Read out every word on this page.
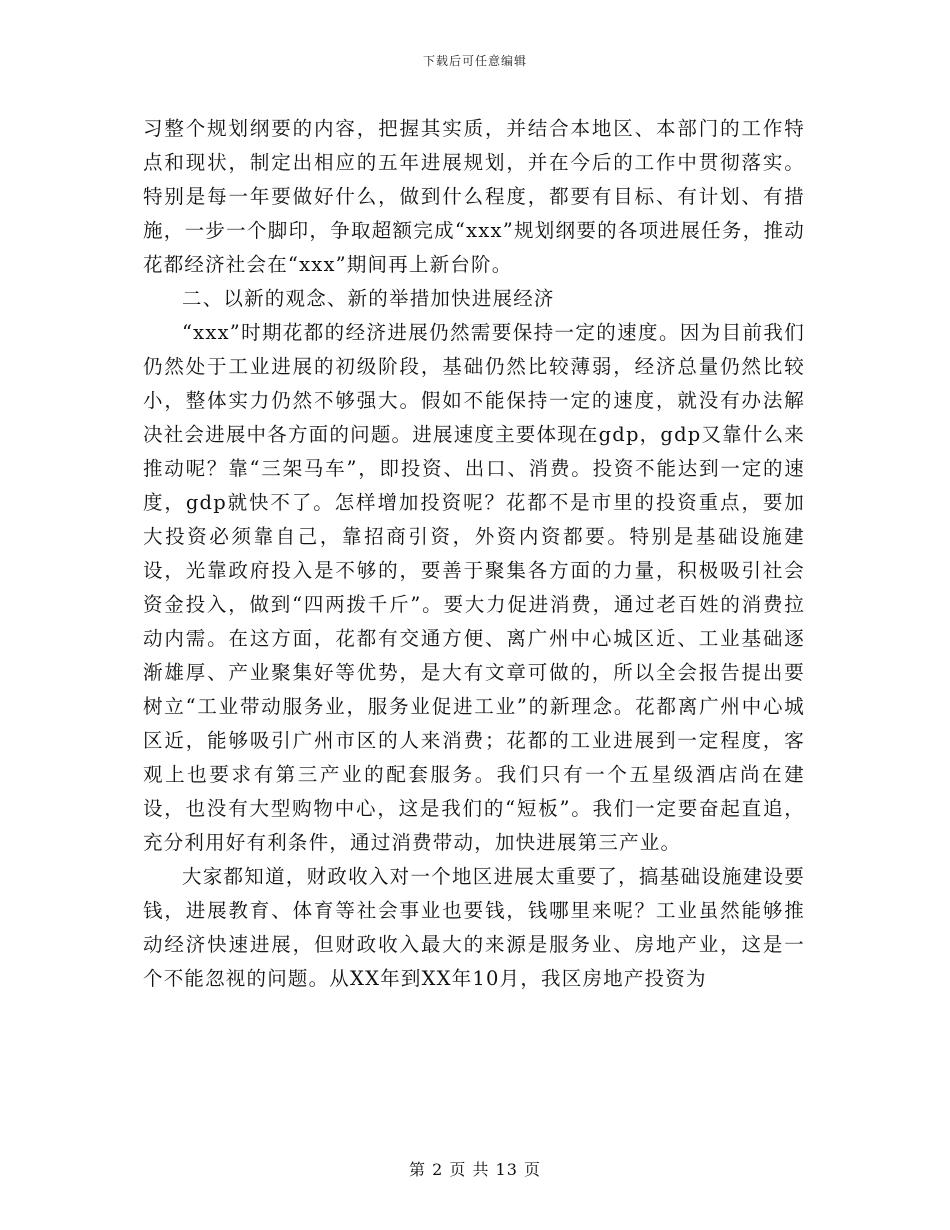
下载后可任意编辑

习整个规划纲要的内容，把握其实质，并结合本地区、本部门的工作特点和现状，制定出相应的五年进展规划，并在今后的工作中贯彻落实。特别是每一年要做好什么，做到什么程度，都要有目标、有计划、有措施，一步一个脚印，争取超额完成“xxx”规划纲要的各项进展任务，推动花都经济社会在“xxx”期间再上新台阶。

二、以新的观念、新的举措加快进展经济

“xxx”时期花都的经济进展仍然需要保持一定的速度。因为目前我们仍然处于工业进展的初级阶段，基础仍然比较薄弱，经济总量仍然比较小，整体实力仍然不够强大。假如不能保持一定的速度，就没有办法解决社会进展中各方面的问题。进展速度主要体现在gdp，gdp又靠什么来推动呢？靠“三架马车”，即投资、出口、消费。投资不能达到一定的速度，gdp就快不了。怎样增加投资呢？花都不是市里的投资重点，要加大投资必须靠自己，靠招商引资，外资内资都要。特别是基础设施建设，光靠政府投入是不够的，要善于聚集各方面的力量，积极吸引社会资金投入，做到“四两拨千斤”。要大力促进消费，通过老百姓的消费拉动内需。在这方面，花都有交通方便、离广州中心城区近、工业基础逐渐雄厚、产业聚集好等优势，是大有文章可做的，所以全会报告提出要树立“工业带动服务业，服务业促进工业”的新理念。花都离广州中心城区近，能够吸引广州市区的人来消费；花都的工业进展到一定程度，客观上也要求有第三产业的配套服务。我们只有一个五星级酒店尚在建设，也没有大型购物中心，这是我们的“短板”。我们一定要奋起直追，充分利用好有利条件，通过消费带动，加快进展第三产业。

大家都知道，财政收入对一个地区进展太重要了，搞基础设施建设要钱，进展教育、体育等社会事业也要钱，钱哪里来呢？工业虽然能够推动经济快速进展，但财政收入最大的来源是服务业、房地产业，这是一个不能忽视的问题。从XX年到XX年10月，我区房地产投资为

第 2 页 共 13 页
